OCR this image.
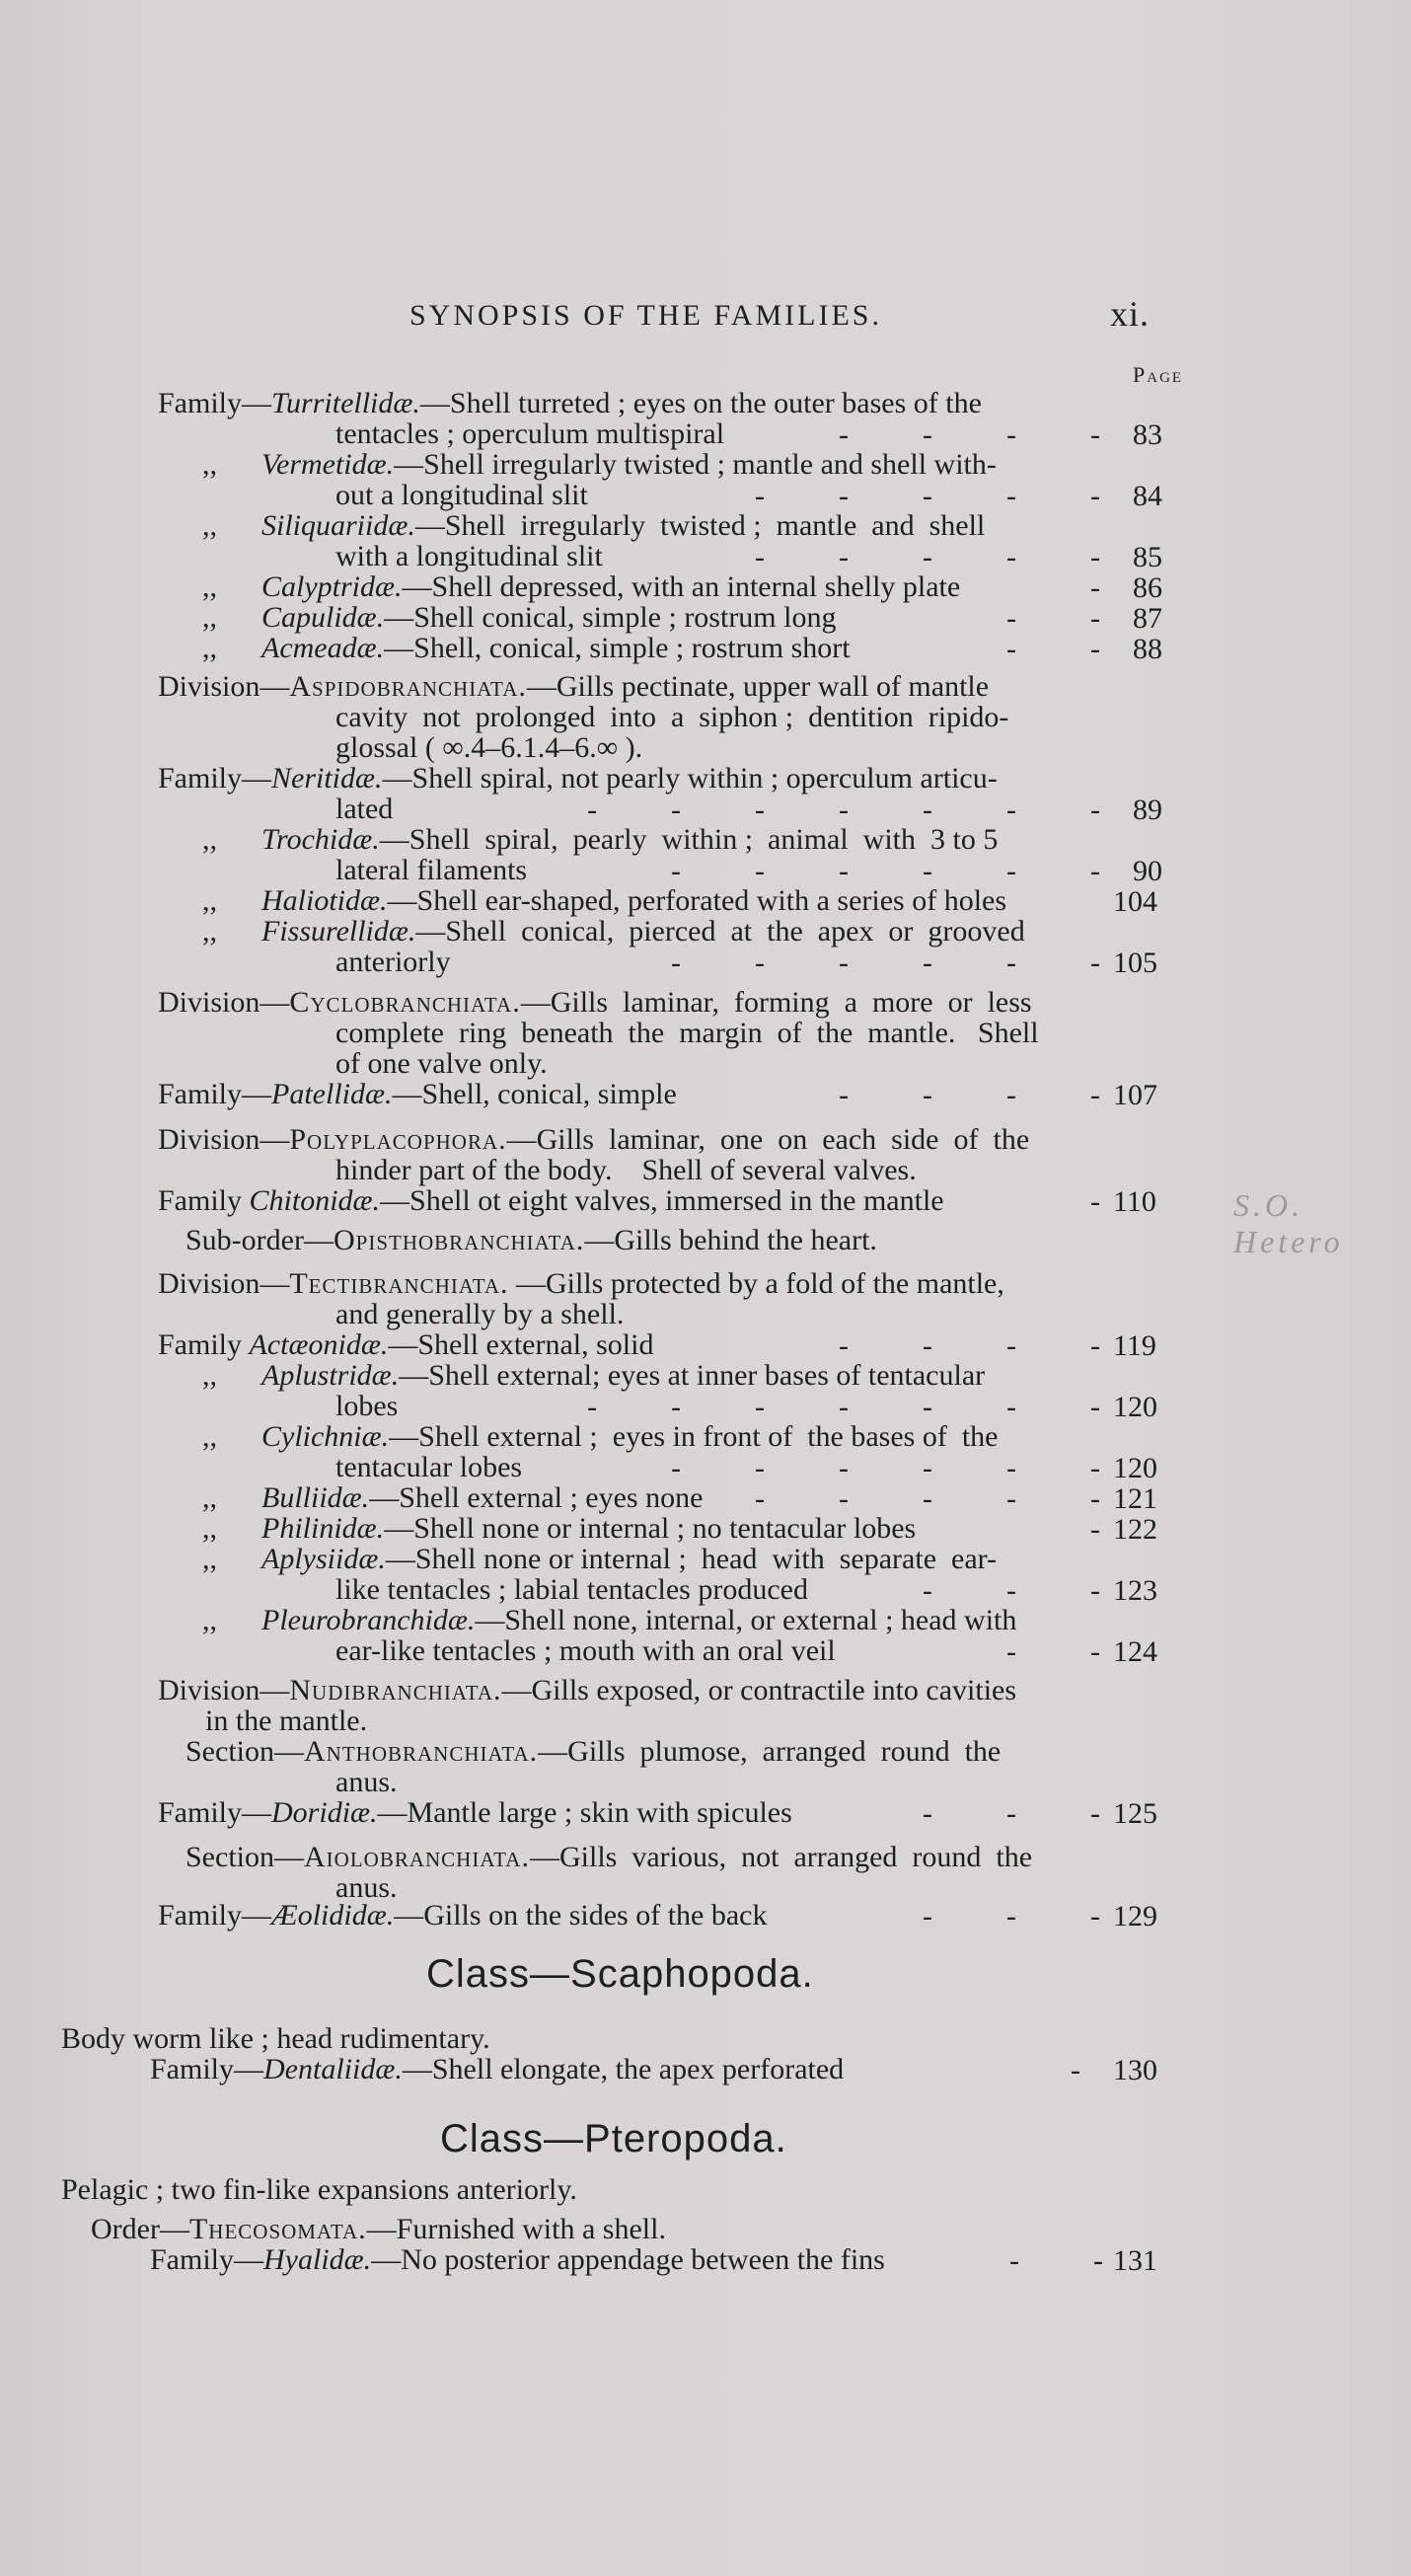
SYNOPSIS OF THE FAMILIES.	xi.
Page
Family—Turritellidæ.—Shell turreted ; eyes on the outer bases of the
tentacles ; operculum multispiral	-          -          -          - 83
,,      Vermetidæ.—Shell irregularly twisted ; mantle and shell with-
out a longitudinal slit	-          -          -          -          - 84
,,      Siliquariidæ.—Shell  irregularly  twisted ;  mantle  and  shell
with a longitudinal slit	-          -          -          -          - 85
,,      Calyptridæ.—Shell depressed, with an internal shelly plate	- 86
,,      Capulidæ.—Shell conical, simple ; rostrum long	-          - 87
,,      Acmeadæ.—Shell, conical, simple ; rostrum short	-          - 88
Division—Aspidobranchiata.—Gills pectinate, upper wall of mantle
cavity  not  prolonged  into  a  siphon ;  dentition  ripido-
glossal ( ∞.4–6.1.4–6.∞ ).
Family—Neritidæ.—Shell spiral, not pearly within ; operculum articu-
lated	-          -          -          -          -          -          - 89
,,      Trochidæ.—Shell  spiral,  pearly  within ;  animal  with  3 to 5
lateral filaments	-          -          -          -          -          - 90
,,      Haliotidæ.—Shell ear-shaped, perforated with a series of holes	104
,,      Fissurellidæ.—Shell  conical,  pierced  at  the  apex  or  grooved
anteriorly	-          -          -          -          -          - 105
Division—Cyclobranchiata.—Gills  laminar,  forming  a  more  or  less
complete  ring  beneath  the  margin  of  the  mantle.   Shell
of one valve only.
Family—Patellidæ.—Shell, conical, simple	-          -          -          - 107
Division—Polyplacophora.—Gills  laminar,  one  on  each  side  of  the
hinder part of the body.    Shell of several valves.
Family Chitonidæ.—Shell ot eight valves, immersed in the mantle	- 110
Sub-order—Opisthobranchiata.—Gills behind the heart.
Division—Tectibranchiata. —Gills protected by a fold of the mantle,
and generally by a shell.
Family Actæonidæ.—Shell external, solid	-          -          -          - 119
,,      Aplustridæ.—Shell external; eyes at inner bases of tentacular
lobes	-          -          -          -          -          -          - 120
,,      Cylichniæ.—Shell external ;  eyes in front of  the bases of  the
tentacular lobes	-          -          -          -          -          - 120
,,      Bulliidæ.—Shell external ; eyes none -          -          -          -          - 121
,,      Philinidæ.—Shell none or internal ; no tentacular lobes	- 122
,,      Aplysiidæ.—Shell none or internal ;  head  with  separate  ear-
like tentacles ; labial tentacles produced	-          -          - 123
,,      Pleurobranchidæ.—Shell none, internal, or external ; head with
ear-like tentacles ; mouth with an oral veil	-          - 124
Division—Nudibranchiata.—Gills exposed, or contractile into cavities
in the mantle.
Section—Anthobranchiata.—Gills  plumose,  arranged  round  the
anus.
Family—Doridiæ.—Mantle large ; skin with spicules	-          -          - 125
Section—Aiolobranchiata.—Gills  various,  not  arranged  round  the
anus.
Family—Æolididæ.—Gills on the sides of the back	-          -          - 129
Class—Scaphopoda.
Body worm like ; head rudimentary.
Family—Dentaliidæ.—Shell elongate, the apex perforated	- 130
Class—Pteropoda.
Pelagic ; two fin-like expansions anteriorly.
Order—Thecosomata.—Furnished with a shell.
Family—Hyalidæ.—No posterior appendage between the fins	-          - 131
S.O. Hetero
